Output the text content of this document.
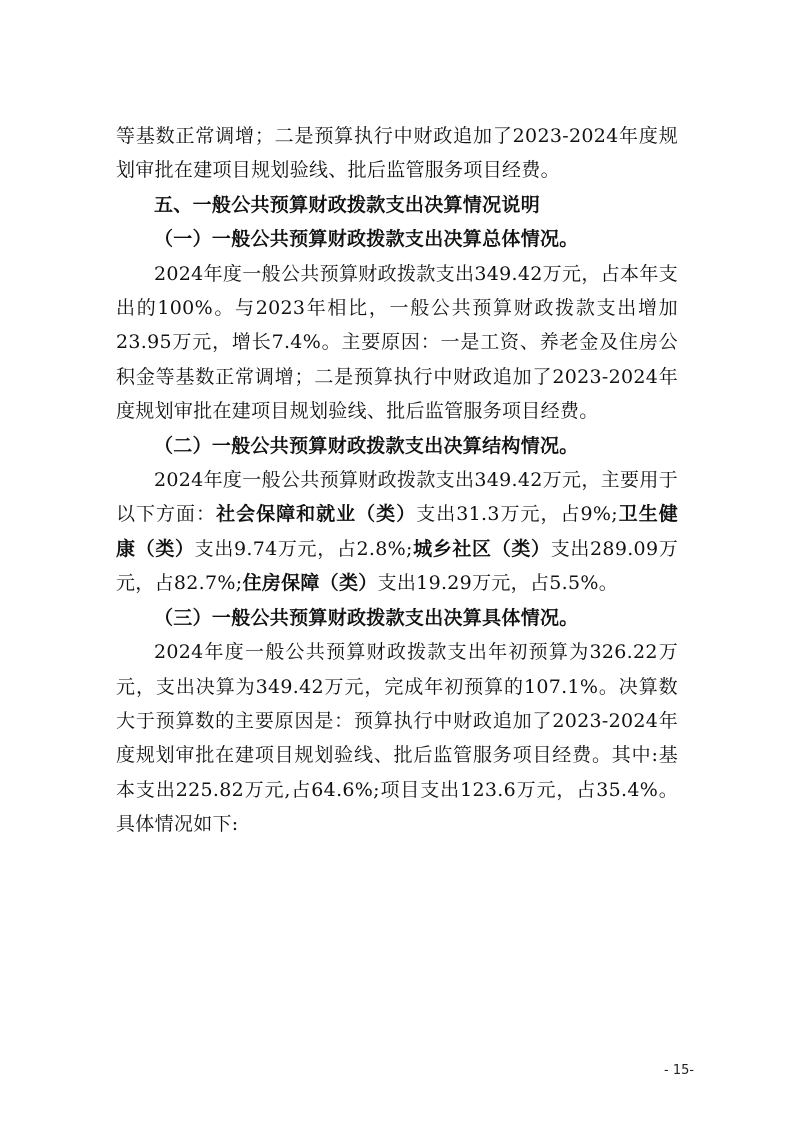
等基数正常调增；二是预算执行中财政追加了2023-2024年度规划审批在建项目规划验线、批后监管服务项目经费。

五、一般公共预算财政拨款支出决算情况说明

（一）一般公共预算财政拨款支出决算总体情况。

2024年度一般公共预算财政拨款支出349.42万元，占本年支出的100%。与2023年相比，一般公共预算财政拨款支出增加23.95万元，增长7.4%。主要原因：一是工资、养老金及住房公积金等基数正常调增；二是预算执行中财政追加了2023-2024年度规划审批在建项目规划验线、批后监管服务项目经费。

（二）一般公共预算财政拨款支出决算结构情况。

2024年度一般公共预算财政拨款支出349.42万元，主要用于以下方面：社会保障和就业（类）支出31.3万元，占9%;卫生健康（类）支出9.74万元，占2.8%;城乡社区（类）支出289.09万元，占82.7%;住房保障（类）支出19.29万元，占5.5%。

（三）一般公共预算财政拨款支出决算具体情况。

2024年度一般公共预算财政拨款支出年初预算为326.22万元，支出决算为349.42万元，完成年初预算的107.1%。决算数大于预算数的主要原因是：预算执行中财政追加了2023-2024年度规划审批在建项目规划验线、批后监管服务项目经费。其中:基本支出225.82万元,占64.6%;项目支出123.6万元，占35.4%。具体情况如下:

- 15-
